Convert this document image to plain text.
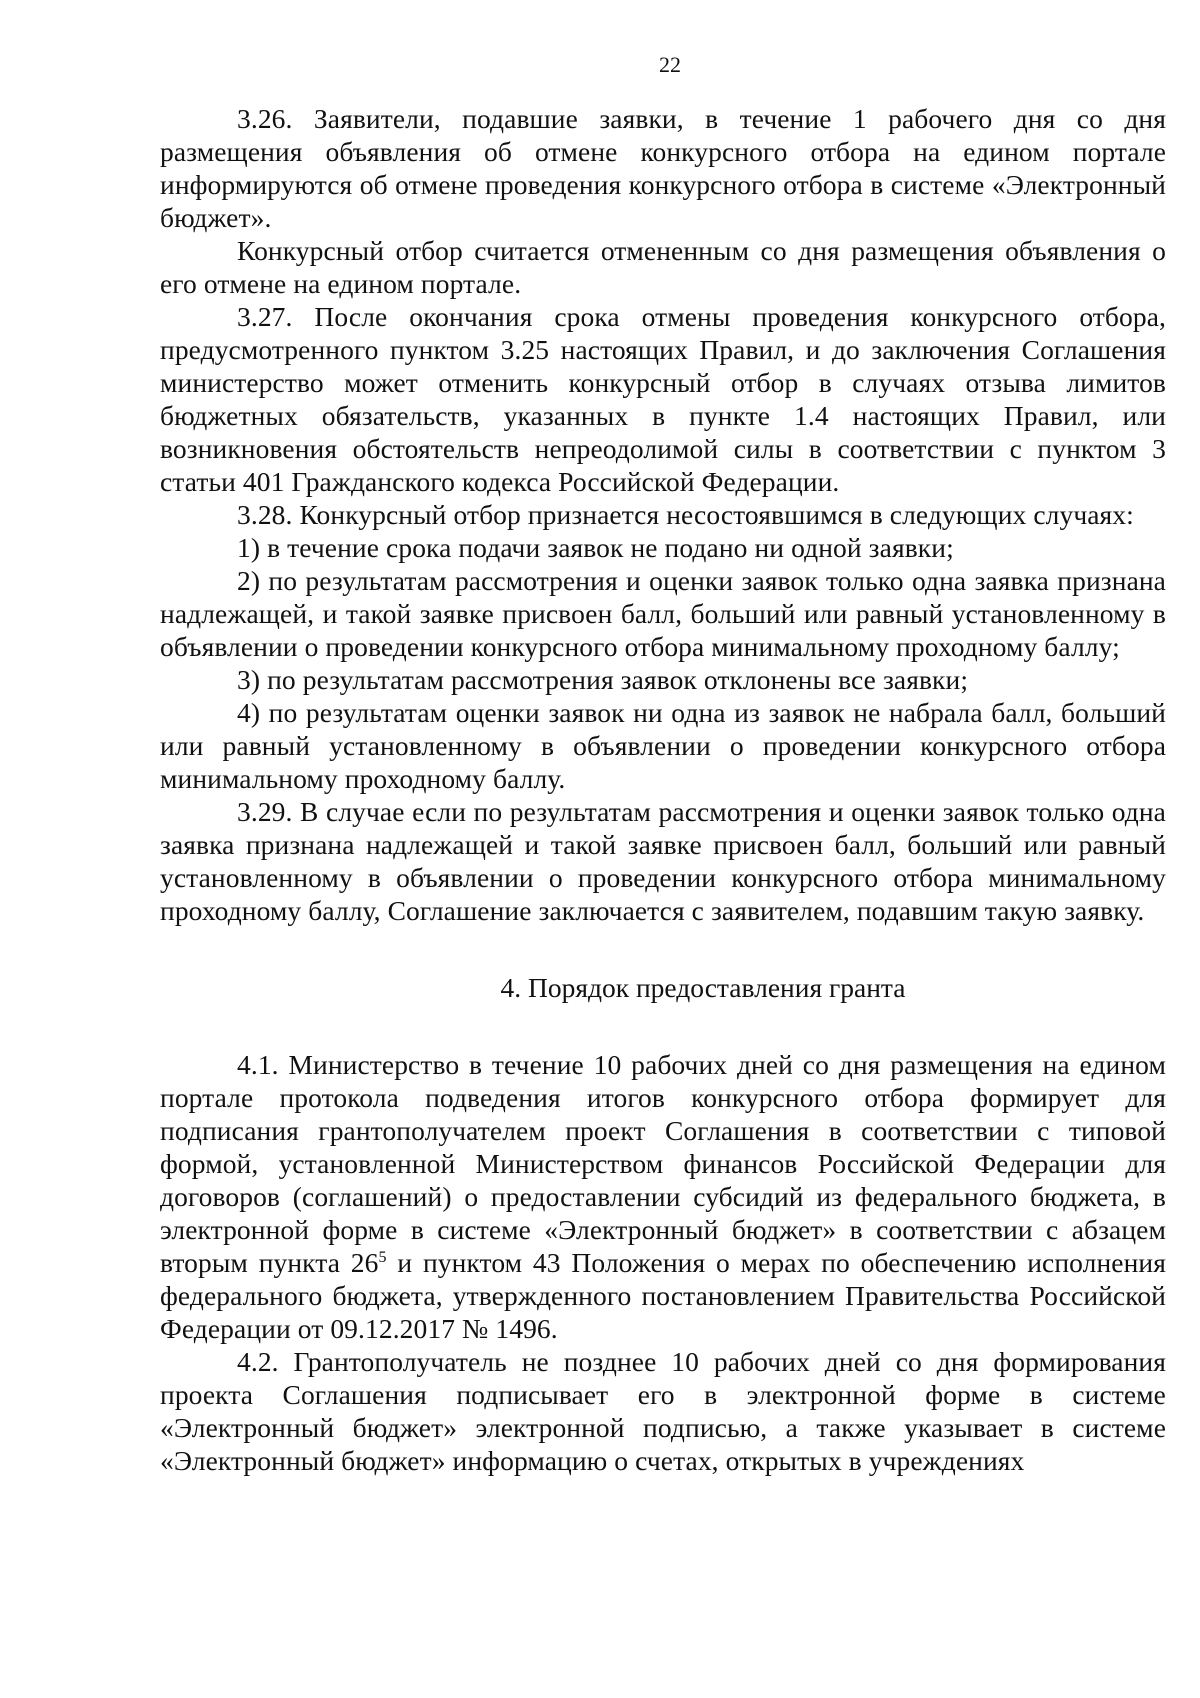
22

3.26. Заявители, подавшие заявки, в течение 1 рабочего дня со дня размещения объявления об отмене конкурсного отбора на едином портале информируются об отмене проведения конкурсного отбора в системе «Электронный бюджет».

Конкурсный отбор считается отмененным со дня размещения объявления о его отмене на едином портале.

3.27. После окончания срока отмены проведения конкурсного отбора, предусмотренного пунктом 3.25 настоящих Правил, и до заключения Соглашения министерство может отменить конкурсный отбор в случаях отзыва лимитов бюджетных обязательств, указанных в пункте 1.4 настоящих Правил, или возникновения обстоятельств непреодолимой силы в соответствии с пунктом 3 статьи 401 Гражданского кодекса Российской Федерации.

3.28. Конкурсный отбор признается несостоявшимся в следующих случаях:

1) в течение срока подачи заявок не подано ни одной заявки;

2) по результатам рассмотрения и оценки заявок только одна заявка признана надлежащей, и такой заявке присвоен балл, больший или равный установленному в объявлении о проведении конкурсного отбора минимальному проходному баллу;

3) по результатам рассмотрения заявок отклонены все заявки;

4) по результатам оценки заявок ни одна из заявок не набрала балл, больший или равный установленному в объявлении о проведении конкурсного отбора минимальному проходному баллу.

3.29. В случае если по результатам рассмотрения и оценки заявок только одна заявка признана надлежащей и такой заявке присвоен балл, больший или равный установленному в объявлении о проведении конкурсного отбора минимальному проходному баллу, Соглашение заключается с заявителем, подавшим такую заявку.

4. Порядок предоставления гранта

4.1. Министерство в течение 10 рабочих дней со дня размещения на едином портале протокола подведения итогов конкурсного отбора формирует для подписания грантополучателем проект Соглашения в соответствии с типовой формой, установленной Министерством финансов Российской Федерации для договоров (соглашений) о предоставлении субсидий из федерального бюджета, в электронной форме в системе «Электронный бюджет» в соответствии с абзацем вторым пункта $26^5$ и пунктом 43 Положения о мерах по обеспечению исполнения федерального бюджета, утвержденного постановлением Правительства Российской Федерации от 09.12.2017 № 1496.

4.2. Грантополучатель не позднее 10 рабочих дней со дня формирования проекта Соглашения подписывает его в электронной форме в системе «Электронный бюджет» электронной подписью, а также указывает в системе «Электронный бюджет» информацию о счетах, открытых в учреждениях
